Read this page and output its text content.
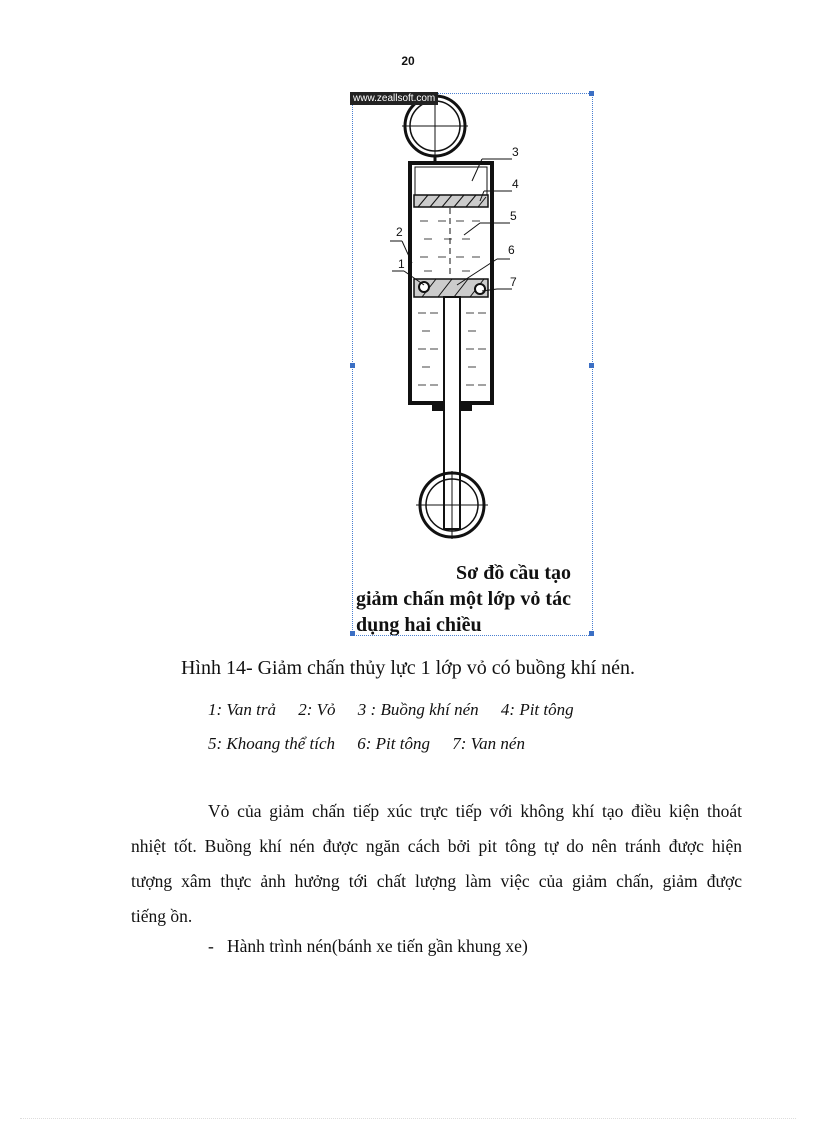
20
3
4
5
2
6
1
7
Sơ đồ cầu tạo
giảm chấn một lớp vỏ tác
dụng hai chiều
www.zeallsoft.com
Hình 14- Giảm chấn thủy lực 1 lớp vỏ có buồng khí nén.
1: Van trả 2: Vỏ 3 : Buồng khí nén 4: Pit tông
5: Khoang thể tích 6: Pit tông 7: Van nén
Vỏ của giảm chấn tiếp xúc trực tiếp với không khí tạo điều kiện thoát
nhiệt tốt. Buồng khí nén được ngăn cách bởi pit tông tự do nên tránh được hiện
tượng xâm thực ảnh hưởng tới chất lượng làm việc của giảm chấn, giảm được
tiếng ồn.
- Hành trình nén(bánh xe tiến gần khung xe)
